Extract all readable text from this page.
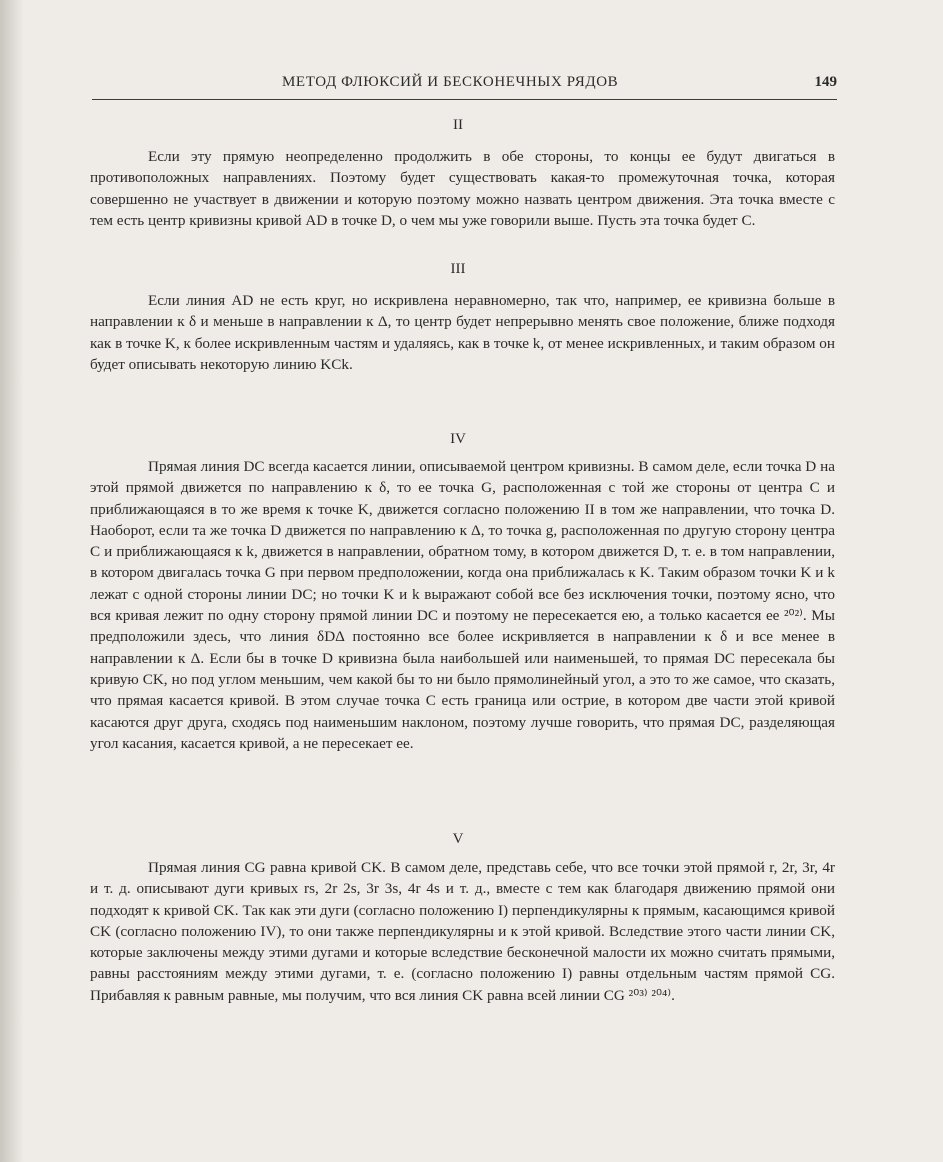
МЕТОД ФЛЮКСИЙ И БЕСКОНЕЧНЫХ РЯДОВ	149
II

Если эту прямую неопределенно продолжить в обе стороны, то концы ее будут двигаться в противоположных направлениях. Поэтому будет существовать какая-то промежуточная точка, которая совершенно не участвует в движении и которую поэтому можно назвать центром движения. Эта точка вместе с тем есть центр кривизны кривой AD в точке D, о чем мы уже говорили выше. Пусть эта точка будет C.

III

Если линия AD не есть круг, но искривлена неравномерно, так что, например, ее кривизна больше в направлении к δ и меньше в направлении к Δ, то центр будет непрерывно менять свое положение, ближе подходя как в точке K, к более искривленным частям и удаляясь, как в точке k, от менее искривленных, и таким образом он будет описывать некоторую линию KCk.

IV

Прямая линия DC всегда касается линии, описываемой центром кривизны. В самом деле, если точка D на этой прямой движется по направлению к δ, то ее точка G, расположенная с той же стороны от центра C и приближающаяся в то же время к точке K, движется согласно положению II в том же направлении, что точка D. Наоборот, если та же точка D движется по направлению к Δ, то точка g, расположенная по другую сторону центра C и приближающаяся к k, движется в направлении, обратном тому, в котором движется D, т. е. в том направлении, в котором двигалась точка G при первом предположении, когда она приближалась к K. Таким образом точки K и k лежат с одной стороны линии DC; но точки K и k выражают собой все без исключения точки, поэтому ясно, что вся кривая лежит по одну сторону прямой линии DC и поэтому не пересекается ею, а только касается ее ²⁰²⁾. Мы предположили здесь, что линия δDΔ постоянно все более искривляется в направлении к δ и все менее в направлении к Δ. Если бы в точке D кривизна была наибольшей или наименьшей, то прямая DC пересекала бы кривую CK, но под углом меньшим, чем какой бы то ни было прямолинейный угол, а это то же самое, что сказать, что прямая касается кривой. В этом случае точка C есть граница или острие, в котором две части этой кривой касаются друг друга, сходясь под наименьшим наклоном, поэтому лучше говорить, что прямая DC, разделяющая угол касания, касается кривой, а не пересекает ее.

V

Прямая линия CG равна кривой CK. В самом деле, представь себе, что все точки этой прямой r, 2r, 3r, 4r и т. д. описывают дуги кривых rs, 2r 2s, 3r 3s, 4r 4s и т. д., вместе с тем как благодаря движению прямой они подходят к кривой CK. Так как эти дуги (согласно положению I) перпендикулярны к прямым, касающимся кривой CK (согласно положению IV), то они также перпендикулярны и к этой кривой. Вследствие этого части линии CK, которые заключены между этими дугами и которые вследствие бесконечной малости их можно считать прямыми, равны расстояниям между этими дугами, т. е. (согласно положению I) равны отдельным частям прямой CG. Прибавляя к равным равные, мы получим, что вся линия CK равна всей линии CG ²⁰³⁾ ²⁰⁴⁾.
